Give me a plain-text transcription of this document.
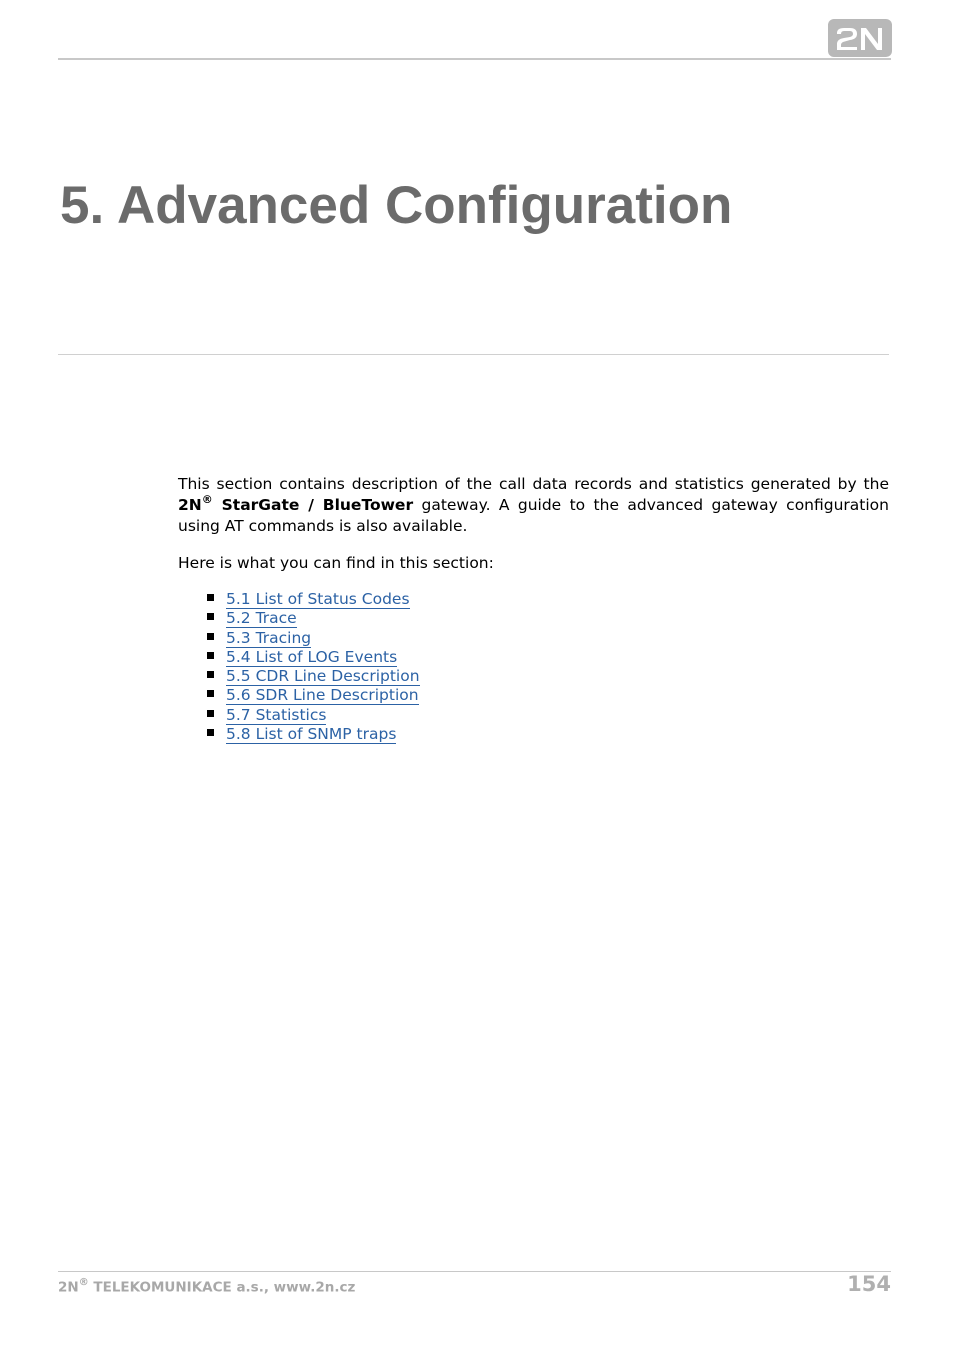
5. Advanced Configuration

This section contains description of the call data records and statistics generated by the 2N® StarGate / BlueTower gateway. A guide to the advanced gateway configuration using AT commands is also available.

Here is what you can find in this section:

5.1 List of Status Codes
5.2 Trace
5.3 Tracing
5.4 List of LOG Events
5.5 CDR Line Description
5.6 SDR Line Description
5.7 Statistics
5.8 List of SNMP traps
2N® TELEKOMUNIKACE a.s., www.2n.cz	154
